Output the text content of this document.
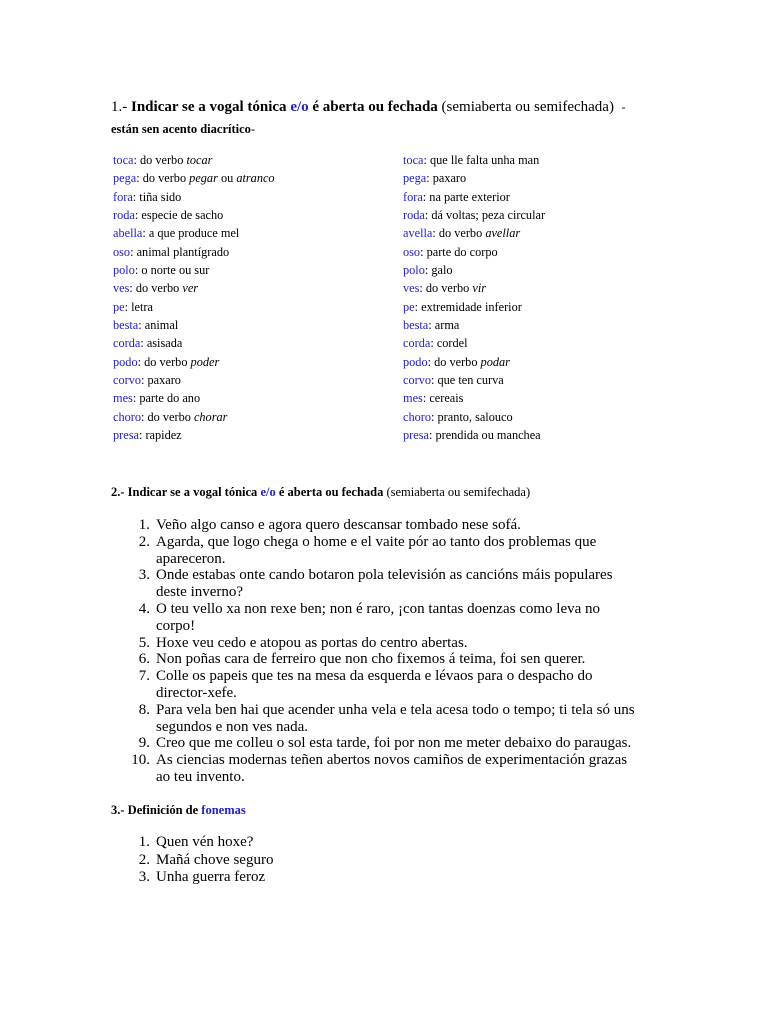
1.- Indicar se a vogal tónica e/o é aberta ou fechada (semiaberta ou semifechada) -
están sen acento diacrítico-
toca: do verbo tocar
pega: do verbo pegar ou atranco
fora: tiña sido
roda: especie de sacho
abella: a que produce mel
oso: animal plantígrado
polo: o norte ou sur
ves: do verbo ver
pe: letra
besta: animal
corda: asisada
podo: do verbo poder
corvo: paxaro
mes: parte do ano
choro: do verbo chorar
presa: rapidez
toca: que lle falta unha man
pega: paxaro
fora: na parte exterior
roda: dá voltas; peza circular
avella: do verbo avellar
oso: parte do corpo
polo: galo
ves: do verbo vir
pe: extremidade inferior
besta: arma
corda: cordel
podo: do verbo podar
corvo: que ten curva
mes: cereais
choro: pranto, salouco
presa: prendida ou manchea
2.- Indicar se a vogal tónica e/o é aberta ou fechada (semiaberta ou semifechada)
1. Veño algo canso e agora quero descansar tombado nese sofá.
2. Agarda, que logo chega o home e el vaite pór ao tanto dos problemas que
apareceron.
3. Onde estabas onte cando botaron pola televisión as cancións máis populares
deste inverno?
4. O teu vello xa non rexe ben; non é raro, ¡con tantas doenzas como leva no
corpo!
5. Hoxe veu cedo e atopou as portas do centro abertas.
6. Non poñas cara de ferreiro que non cho fixemos á teima, foi sen querer.
7. Colle os papeis que tes na mesa da esquerda e lévaos para o despacho do
director-xefe.
8. Para vela ben hai que acender unha vela e tela acesa todo o tempo; ti tela só uns
segundos e non ves nada.
9. Creo que me colleu o sol esta tarde, foi por non me meter debaixo do paraugas.
10. As ciencias modernas teñen abertos novos camiños de experimentación grazas
ao teu invento.
3.- Definición de fonemas
1. Quen vén hoxe?
2. Mañá chove seguro
3. Unha guerra feroz
